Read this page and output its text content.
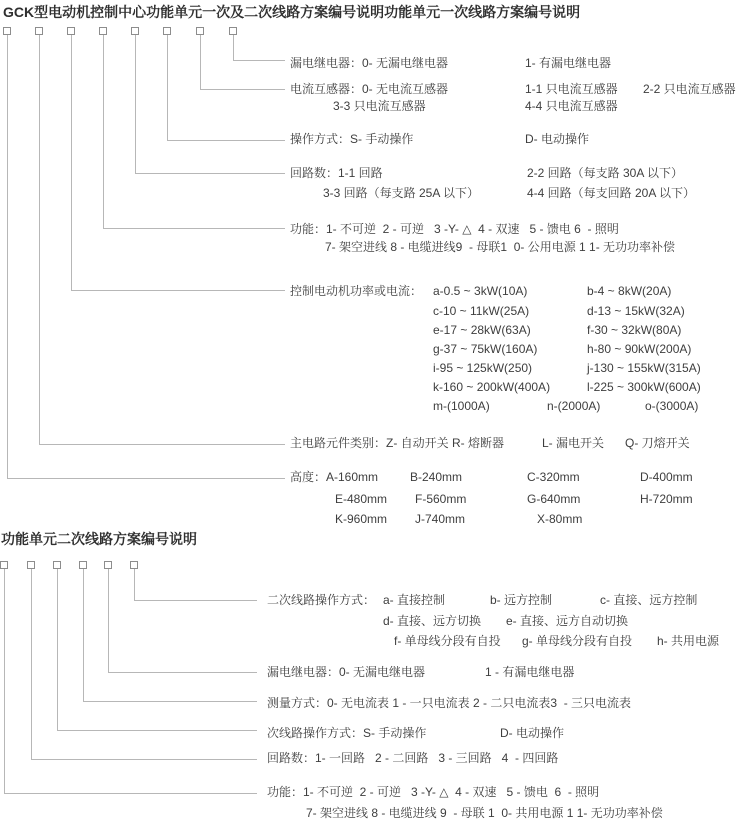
GCK型电动机控制中心功能单元一次及二次线路方案编号说明功能单元一次线路方案编号说明
漏电继电器：0- 无漏电继电器	1- 有漏电继电器
电流互感器：0- 无电流互感器	1-1 只电流互感器 2-2 只电流互感器
3-3 只电流互感器	4-4 只电流互感器
操作方式：S- 手动操作	D- 电动操作
回路数：1-1 回路	2-2 回路（每支路 30A 以下）
3-3 回路（每支路 25A 以下）	4-4 回路（每支回路 20A 以下）
功能：1- 不可逆  2 - 可逆   3 -Y- △  4 - 双速   5 - 馈电 6  - 照明
7- 架空进线 8 - 电缆进线9  - 母联1  0- 公用电源 1 1- 无功功率补偿
控制电动机功率或电流： a-0.5 ~ 3kW(10A)	b-4 ~ 8kW(20A)
c-10 ~ 11kW(25A)	d-13 ~ 15kW(32A)
e-17 ~ 28kW(63A)	f-30 ~ 32kW(80A)
g-37 ~ 75kW(160A)	h-80 ~ 90kW(200A)
i-95 ~ 125kW(250)	j-130 ~ 155kW(315A)
k-160 ~ 200kW(400A)	l-225 ~ 300kW(600A)
m-(1000A)	n-(2000A)	o-(3000A)
主电路元件类别：Z- 自动开关 R- 熔断器	L- 漏电开关 Q- 刀熔开关
高度：A-160mm	B-240mm	C-320mm	D-400mm
E-480mm F-560mm	G-640mm	H-720mm
K-960mm J-740mm	X-80mm
功能单元二次线路方案编号说明
二次线路操作方式： a- 直接控制	b- 远方控制	c- 直接、远方控制
d- 直接、远方切换 e- 直接、远方自动切换
f- 单母线分段有自投 g- 单母线分段有自投 h- 共用电源
漏电继电器：0- 无漏电继电器	1 - 有漏电继电器
测量方式：0- 无电流表 1 - 一只电流表 2 - 二只电流表3  - 三只电流表
次线路操作方式：S- 手动操作	D- 电动操作
回路数：1- 一回路   2 - 二回路   3 - 三回路   4  - 四回路
功能：1- 不可逆  2 - 可逆   3 -Y- △  4 - 双速   5 - 馈电  6  - 照明
7- 架空进线 8 - 电缆进线 9  - 母联 1  0- 共用电源 1 1- 无功功率补偿
